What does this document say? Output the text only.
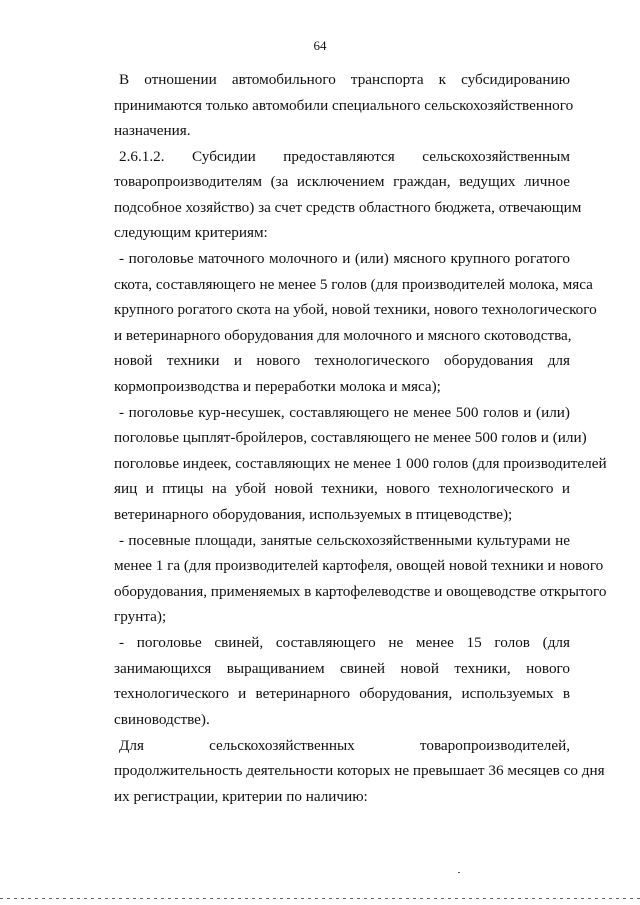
64
В отношении автомобильного транспорта к субсидированию
принимаются только автомобили специального сельскохозяйственного
назначения.
2.6.1.2. Субсидии предоставляются сельскохозяйственным
товаропроизводителям (за исключением граждан, ведущих личное
подсобное хозяйство) за счет средств областного бюджета, отвечающим
следующим критериям:
- поголовье маточного молочного и (или) мясного крупного рогатого
скота, составляющего не менее 5 голов (для производителей молока, мяса
крупного рогатого скота на убой, новой техники, нового технологического
и ветеринарного оборудования для молочного и мясного скотоводства,
новой техники и нового технологического оборудования для
кормопроизводства и переработки молока и мяса);
- поголовье кур-несушек, составляющего не менее 500 голов и (или)
поголовье цыплят-бройлеров, составляющего не менее 500 голов и (или)
поголовье индеек, составляющих не менее 1 000 голов (для производителей
яиц и птицы на убой новой техники, нового технологического и
ветеринарного оборудования, используемых в птицеводстве);
- посевные площади, занятые сельскохозяйственными культурами не
менее 1 га (для производителей картофеля, овощей новой техники и нового
оборудования, применяемых в картофелеводстве и овощеводстве открытого
грунта);
- поголовье свиней, составляющего не менее 15 голов (для
занимающихся выращиванием свиней новой техники, нового
технологического и ветеринарного оборудования, используемых в
свиноводстве).
Для сельскохозяйственных товаропроизводителей,
продолжительность деятельности которых не превышает 36 месяцев со дня
их регистрации, критерии по наличию:
